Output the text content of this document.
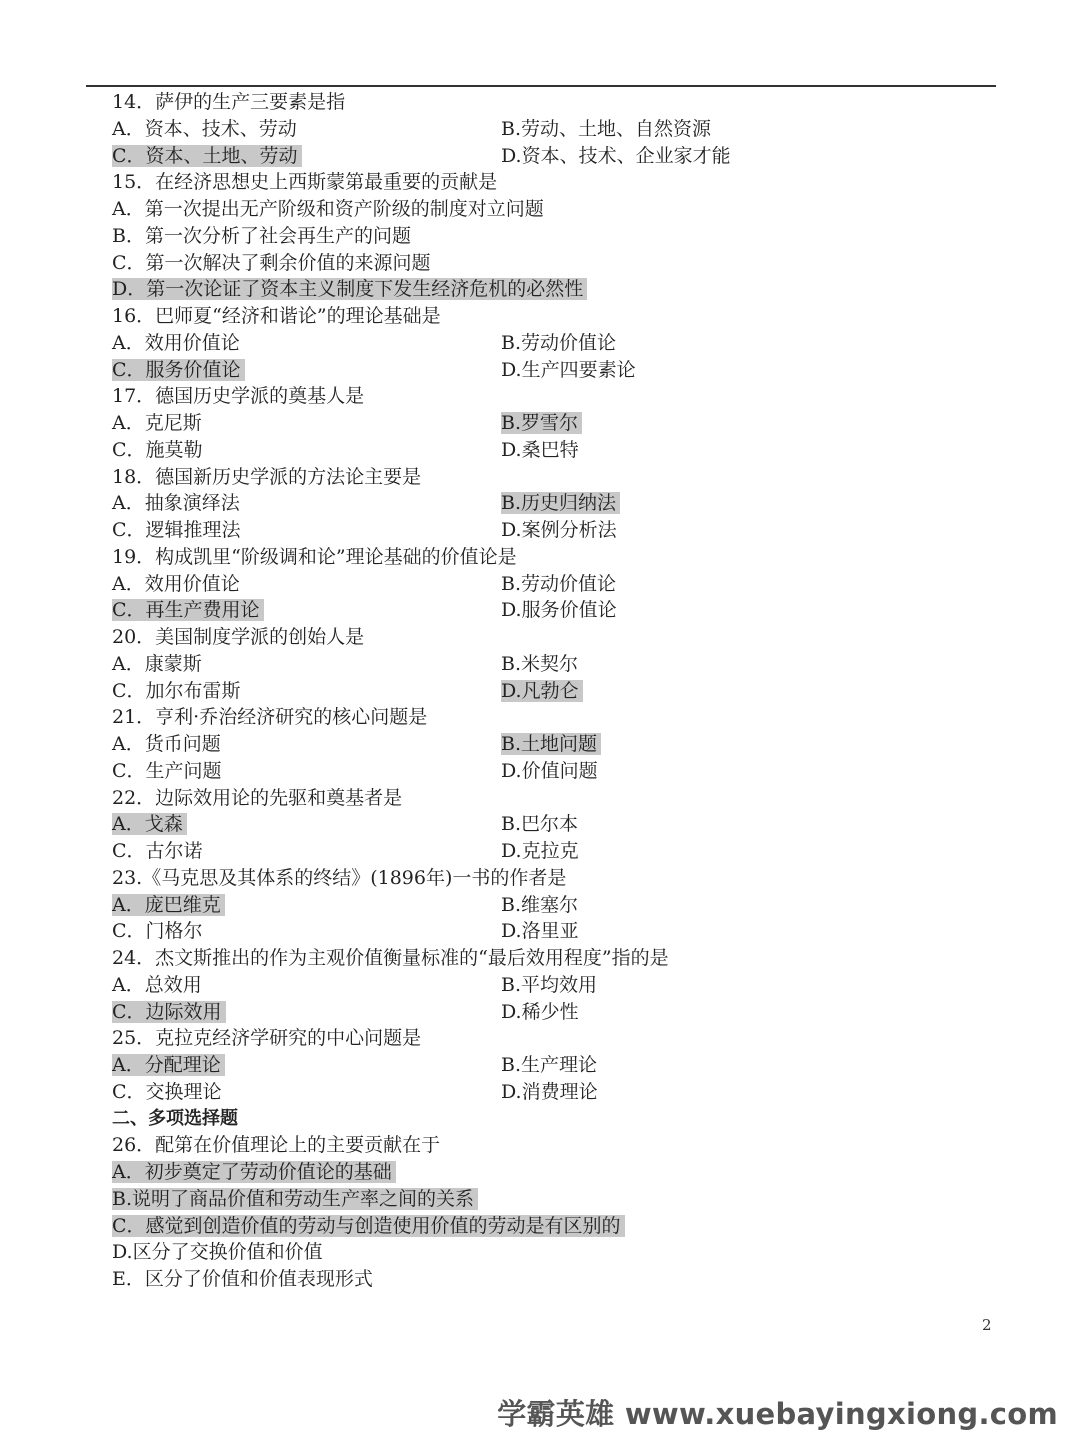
14．萨伊的生产三要素是指
A．资本、技术、劳动	B.劳动、土地、自然资源
C．资本、土地、劳动	D.资本、技术、企业家才能
15．在经济思想史上西斯蒙第最重要的贡献是
A．第一次提出无产阶级和资产阶级的制度对立问题
B．第一次分析了社会再生产的问题
C．第一次解决了剩余价值的来源问题
D．第一次论证了资本主义制度下发生经济危机的必然性
16．巴师夏“经济和谐论”的理论基础是
A．效用价值论	B.劳动价值论
C．服务价值论	D.生产四要素论
17．德国历史学派的奠基人是
A．克尼斯	B.罗雪尔
C．施莫勒	D.桑巴特
18．德国新历史学派的方法论主要是
A．抽象演绎法	B.历史归纳法
C．逻辑推理法	D.案例分析法
19．构成凯里“阶级调和论”理论基础的价值论是
A．效用价值论	B.劳动价值论
C．再生产费用论	D.服务价值论
20．美国制度学派的创始人是
A．康蒙斯	B.米契尔
C．加尔布雷斯	D.凡勃仑
21．亨利·乔治经济研究的核心问题是
A．货币问题	B.土地问题
C．生产问题	D.价值问题
22．边际效用论的先驱和奠基者是
A．戈森	B.巴尔本
C．古尔诺	D.克拉克
23.《马克思及其体系的终结》(1896年)一书的作者是
A．庞巴维克	B.维塞尔
C．门格尔	D.洛里亚
24．杰文斯推出的作为主观价值衡量标准的“最后效用程度”指的是
A．总效用	B.平均效用
C．边际效用	D.稀少性
25．克拉克经济学研究的中心问题是
A．分配理论	B.生产理论
C．交换理论	D.消费理论
二、多项选择题
26．配第在价值理论上的主要贡献在于
A．初步奠定了劳动价值论的基础
B.说明了商品价值和劳动生产率之间的关系
C．感觉到创造价值的劳动与创造使用价值的劳动是有区别的
D.区分了交换价值和价值
E．区分了价值和价值表现形式
2
学霸英雄 www.xuebayingxiong.com
